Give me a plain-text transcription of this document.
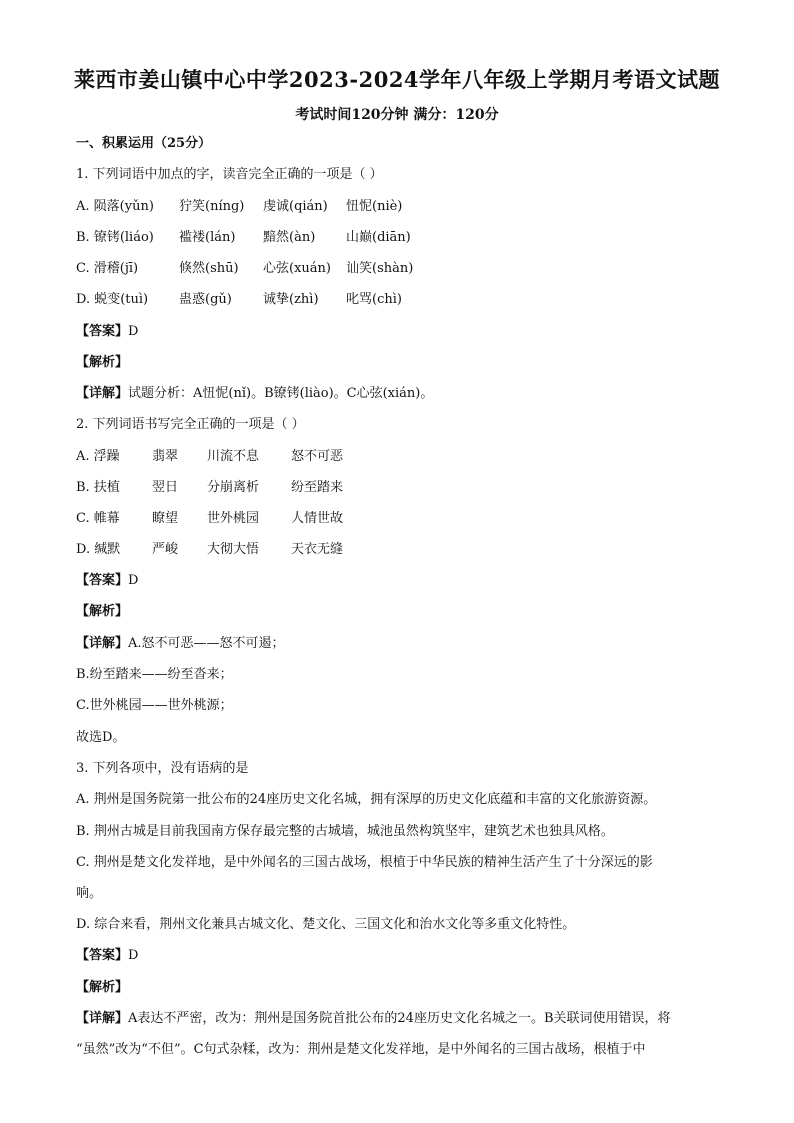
莱西市姜山镇中心中学2023-2024学年八年级上学期月考语文试题
考试时间120分钟 满分：120分
一、积累运用（25分）
1. 下列词语中加点的字，读音完全正确的一项是（ ）
A. 陨落(yǔn) 狞笑(níng) 虔诚(qián) 忸怩(niè)
B. 镣铐(liáo) 褴褛(lán) 黯然(àn) 山巅(diān)
C. 滑稽(jī)	倏然(shū) 心弦(xuán) 讪笑(shàn)
D. 蜕变(tuì) 蛊惑(gǔ) 诚挚(zhì) 叱骂(chì)
【答案】D
【解析】
【详解】试题分析：A忸怩(nǐ)。B镣铐(liào)。C心弦(xián)。
2. 下列词语书写完全正确的一项是（ ）
A. 浮躁 翡翠 川流不息 怒不可恶
B. 扶植 翌日 分崩离析 纷至踏来
C. 帷幕 瞭望 世外桃园 人情世故
D. 缄默 严峻 大彻大悟 天衣无缝
【答案】D
【解析】
【详解】A.怒不可恶——怒不可遏；
B.纷至踏来——纷至沓来；
C.世外桃园——世外桃源；
故选D。
3. 下列各项中，没有语病的是
A. 荆州是国务院第一批公布的24座历史文化名城，拥有深厚的历史文化底蕴和丰富的文化旅游资源。
B. 荆州古城是目前我国南方保存最完整的古城墙，城池虽然构筑坚牢，建筑艺术也独具风格。
C. 荆州是楚文化发祥地，是中外闻名的三国古战场，根植于中华民族的精神生活产生了十分深远的影
响。
D. 综合来看，荆州文化兼具古城文化、楚文化、三国文化和治水文化等多重文化特性。
【答案】D
【解析】
【详解】A表达不严密，改为：荆州是国务院首批公布的24座历史文化名城之一。B关联词使用错误，将
“虽然”改为“不但”。C句式杂糅，改为：荆州是楚文化发祥地，是中外闻名的三国古战场，根植于中
